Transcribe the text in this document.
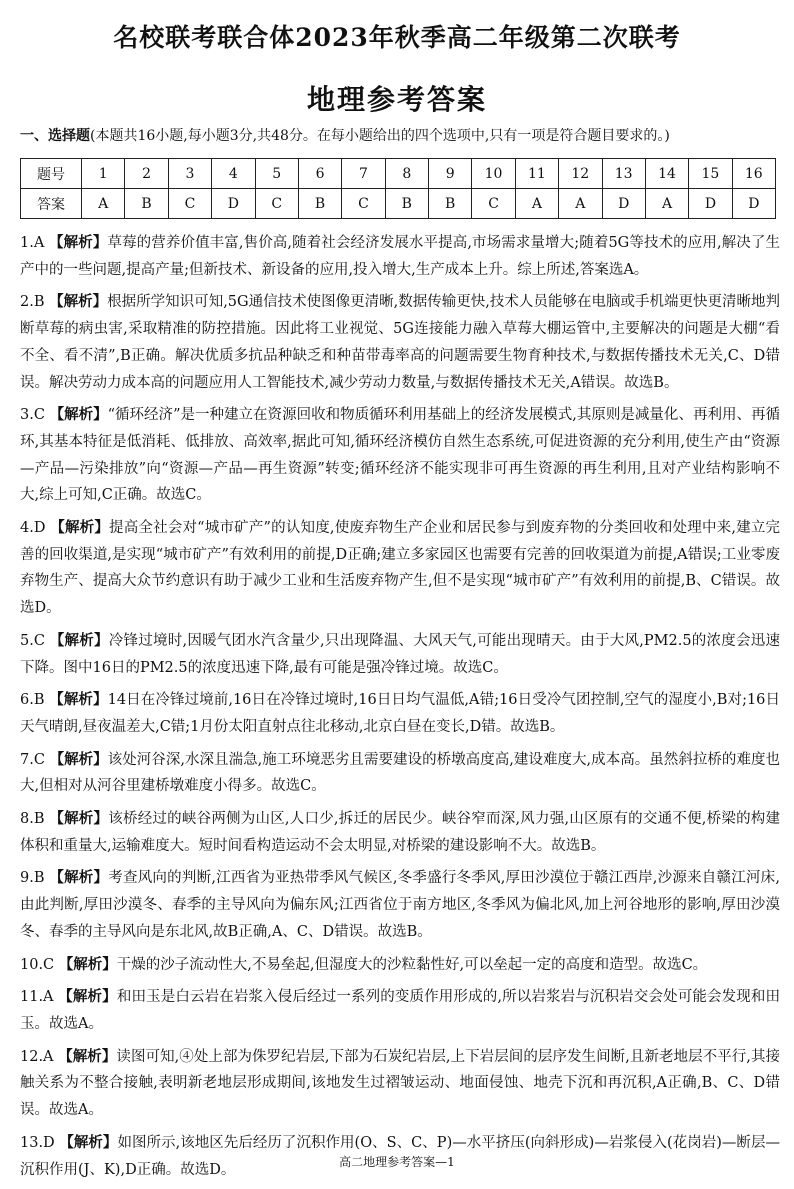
名校联考联合体2023年秋季高二年级第二次联考
地理参考答案
一、选择题(本题共16小题,每小题3分,共48分。在每小题给出的四个选项中,只有一项是符合题目要求的。)
题号	1	2	3	4	5	6	7	8	9	10	11	12	13	14	15	16
答案	A	B	C	D	C	B	C	B	B	C	A	A	D	A	D	D
1.A 【解析】草莓的营养价值丰富,售价高,随着社会经济发展水平提高,市场需求量增大;随着5G等技术的应用,解决了生产中的一些问题,提高产量;但新技术、新设备的应用,投入增大,生产成本上升。综上所述,答案选A。
2.B 【解析】根据所学知识可知,5G通信技术使图像更清晰,数据传输更快,技术人员能够在电脑或手机端更快更清晰地判断草莓的病虫害,采取精准的防控措施。因此将工业视觉、5G连接能力融入草莓大棚运管中,主要解决的问题是大棚“看不全、看不清”,B正确。解决优质多抗品种缺乏和种苗带毒率高的问题需要生物育种技术,与数据传播技术无关,C、D错误。解决劳动力成本高的问题应用人工智能技术,减少劳动力数量,与数据传播技术无关,A错误。故选B。
3.C 【解析】“循环经济”是一种建立在资源回收和物质循环利用基础上的经济发展模式,其原则是减量化、再利用、再循环,其基本特征是低消耗、低排放、高效率,据此可知,循环经济模仿自然生态系统,可促进资源的充分利用,使生产由“资源—产品—污染排放”向“资源—产品—再生资源”转变;循环经济不能实现非可再生资源的再生利用,且对产业结构影响不大,综上可知,C正确。故选C。
4.D 【解析】提高全社会对“城市矿产”的认知度,使废弃物生产企业和居民参与到废弃物的分类回收和处理中来,建立完善的回收渠道,是实现“城市矿产”有效利用的前提,D正确;建立多家园区也需要有完善的回收渠道为前提,A错误;工业零废弃物生产、提高大众节约意识有助于减少工业和生活废弃物产生,但不是实现“城市矿产”有效利用的前提,B、C错误。故选D。
5.C 【解析】冷锋过境时,因暖气团水汽含量少,只出现降温、大风天气,可能出现晴天。由于大风,PM2.5的浓度会迅速下降。图中16日的PM2.5的浓度迅速下降,最有可能是强冷锋过境。故选C。
6.B 【解析】14日在冷锋过境前,16日在冷锋过境时,16日日均气温低,A错;16日受冷气团控制,空气的湿度小,B对;16日天气晴朗,昼夜温差大,C错;1月份太阳直射点往北移动,北京白昼在变长,D错。故选B。
7.C 【解析】该处河谷深,水深且湍急,施工环境恶劣且需要建设的桥墩高度高,建设难度大,成本高。虽然斜拉桥的难度也大,但相对从河谷里建桥墩难度小得多。故选C。
8.B 【解析】该桥经过的峡谷两侧为山区,人口少,拆迁的居民少。峡谷窄而深,风力强,山区原有的交通不便,桥梁的构建体积和重量大,运输难度大。短时间看构造运动不会太明显,对桥梁的建设影响不大。故选B。
9.B 【解析】考查风向的判断,江西省为亚热带季风气候区,冬季盛行冬季风,厚田沙漠位于赣江西岸,沙源来自赣江河床,由此判断,厚田沙漠冬、春季的主导风向为偏东风;江西省位于南方地区,冬季风为偏北风,加上河谷地形的影响,厚田沙漠冬、春季的主导风向是东北风,故B正确,A、C、D错误。故选B。
10.C 【解析】干燥的沙子流动性大,不易垒起,但湿度大的沙粒黏性好,可以垒起一定的高度和造型。故选C。
11.A 【解析】和田玉是白云岩在岩浆入侵后经过一系列的变质作用形成的,所以岩浆岩与沉积岩交会处可能会发现和田玉。故选A。
12.A 【解析】读图可知,④处上部为侏罗纪岩层,下部为石炭纪岩层,上下岩层间的层序发生间断,且新老地层不平行,其接触关系为不整合接触,表明新老地层形成期间,该地发生过褶皱运动、地面侵蚀、地壳下沉和再沉积,A正确,B、C、D错误。故选A。
13.D 【解析】如图所示,该地区先后经历了沉积作用(O、S、C、P)—水平挤压(向斜形成)—岩浆侵入(花岗岩)—断层—沉积作用(J、K),D正确。故选D。	高二地理参考答案—1
